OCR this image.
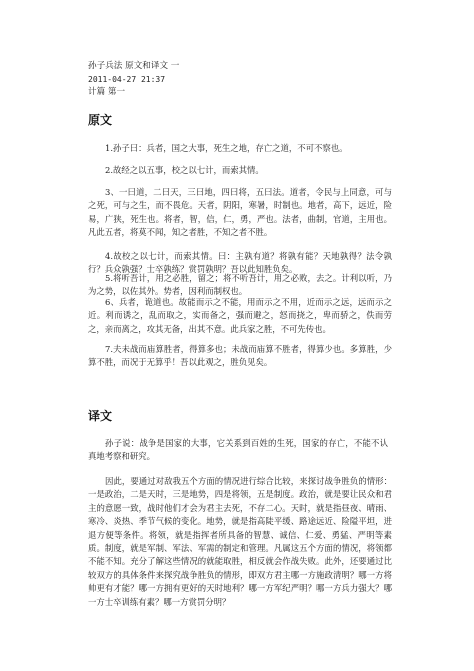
孙子兵法 原文和译文 一
2011-04-27 21:37
计篇 第一
原文

1.孙子曰：兵者，国之大事，死生之地，存亡之道，不可不察也。

2.故经之以五事，校之以七计，而索其情。

3、一曰道，二曰天，三曰地，四曰将，五曰法。道者，令民与上同意，可与之死，可与之生，而不畏危。天者，阴阳，寒暑，时制也。地者，高下，远近，险易，广狭，死生也。将者，智，信，仁，勇，严也。法者，曲制，官道，主用也。凡此五者，将莫不闻，知之者胜，不知之者不胜。

4.故校之以七计，而索其情。曰：主孰有道？将孰有能？天地孰得？法令孰行？兵众孰强？士卒孰练？赏罚孰明？吾以此知胜负矣。

5.将听吾计，用之必胜，留之；将不听吾计，用之必败，去之。计利以听，乃为之势，以佐其外。势者，因利而制权也。

6、兵者，诡道也。故能而示之不能，用而示之不用，近而示之远，远而示之近。利而诱之，乱而取之，实而备之，强而避之，怒而挠之，卑而骄之，佚而劳之，亲而离之，攻其无备，出其不意。此兵家之胜，不可先传也。

7.夫未战而庙算胜者，得算多也；未战而庙算不胜者，得算少也。多算胜，少算不胜，而况于无算乎！吾以此观之，胜负见矣。

译文

孙子说：战争是国家的大事，它关系到百姓的生死，国家的存亡，不能不认真地考察和研究。

因此，要通过对敌我五个方面的情况进行综合比较，来探讨战争胜负的情形：一是政治，二是天时，三是地势，四是将领，五是制度。政治，就是要让民众和君主的意愿一致，战时他们才会为君主去死，不存二心。天时，就是指昼夜、晴雨、寒冷、炎热、季节气候的变化。地势，就是指高陡平缓、路途远近、险隘平坦，进退方便等条件。将领，就是指挥者所具备的智慧、诚信、仁爱、勇猛、严明等素质。制度，就是军制、军法、军需的制定和管理。凡属这五个方面的情况，将领都不能不知。充分了解这些情况的就能取胜，相反就会作战失败。此外，还要通过比较双方的具体条件来探究战争胜负的情形，即双方君主哪一方施政清明？哪一方将帅更有才能？哪一方拥有更好的天时地利？哪一方军纪严明？哪一方兵力强大？哪一方士卒训练有素？哪一方赏罚分明？
